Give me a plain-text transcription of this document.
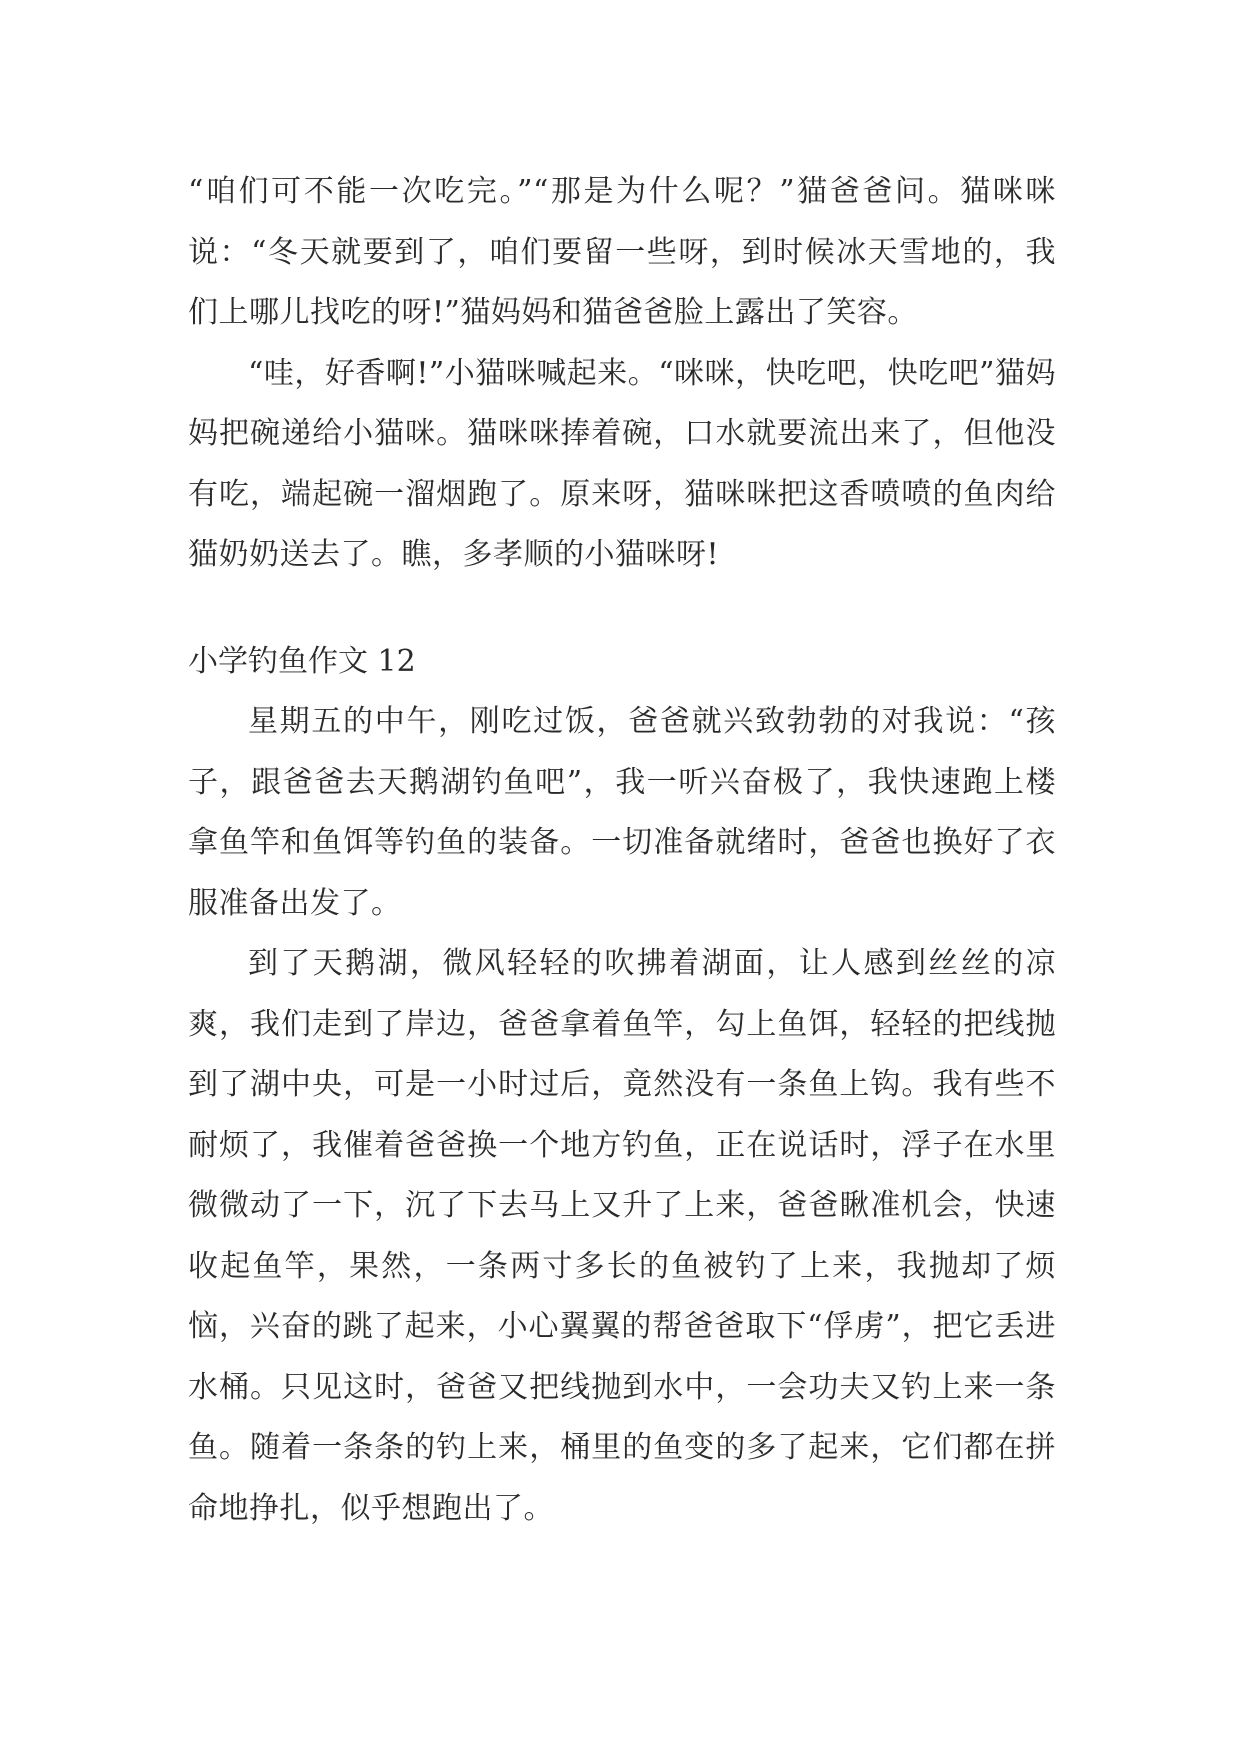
“咱们可不能一次吃完。”“那是为什么呢？”猫爸爸问。猫咪咪说：“冬天就要到了，咱们要留一些呀，到时候冰天雪地的，我们上哪儿找吃的呀!”猫妈妈和猫爸爸脸上露出了笑容。

“哇，好香啊!”小猫咪喊起来。“咪咪，快吃吧，快吃吧”猫妈妈把碗递给小猫咪。猫咪咪捧着碗，口水就要流出来了，但他没有吃，端起碗一溜烟跑了。原来呀，猫咪咪把这香喷喷的鱼肉给猫奶奶送去了。瞧，多孝顺的小猫咪呀!

小学钓鱼作文 12

星期五的中午，刚吃过饭，爸爸就兴致勃勃的对我说：“孩子，跟爸爸去天鹅湖钓鱼吧”，我一听兴奋极了，我快速跑上楼拿鱼竿和鱼饵等钓鱼的装备。一切准备就绪时，爸爸也换好了衣服准备出发了。

到了天鹅湖，微风轻轻的吹拂着湖面，让人感到丝丝的凉爽，我们走到了岸边，爸爸拿着鱼竿，勾上鱼饵，轻轻的把线抛到了湖中央，可是一小时过后，竟然没有一条鱼上钩。我有些不耐烦了，我催着爸爸换一个地方钓鱼，正在说话时，浮子在水里微微动了一下，沉了下去马上又升了上来，爸爸瞅准机会，快速收起鱼竿，果然，一条两寸多长的鱼被钓了上来，我抛却了烦恼，兴奋的跳了起来，小心翼翼的帮爸爸取下“俘虏”，把它丢进水桶。只见这时，爸爸又把线抛到水中，一会功夫又钓上来一条鱼。随着一条条的钓上来，桶里的鱼变的多了起来，它们都在拼命地挣扎，似乎想跑出了。
